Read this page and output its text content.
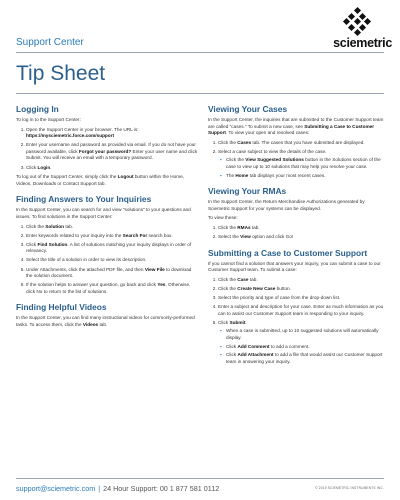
Support Center	sciemetric
Tip Sheet
Logging In

To log in to the Support Center:

1. Open the Support Center in your browser. The URL is: https://mysciemetric.force.com/support
2. Enter your username and password as provided via email. If you do not have your password available, click Forgot your password? Enter your user name and click Submit. You will receive an email with a temporary password.
3. Click Login.

To log out of the Support Center, simply click the Logout button within the Home, Videos, Downloads or Contact Support tab.

Finding Answers to Your Inquiries

In the Support Center, you can search for and view "solutions" to your questions and issues. To find solutions in the Support Center:

1. Click the Solution tab.
2. Enter keywords related to your inquiry into the Search For search box.
3. Click Find Solution. A list of solutions matching your inquiry displays in order of relevancy.
4. Select the title of a solution in order to view its description.
5. Under Attachments, click the attached PDF file, and then View File to download the solution document.
6. If the solution helps to answer your question, go back and click Yes. Otherwise, click No to return to the list of solutions.
Finding Helpful Videos

In the Support Center, you can find many instructional videos for commonly-performed tasks. To access them, click the Videos tab.

Viewing Your Cases

In the Support Center, the inquiries that are submitted to the Customer Support team are called "cases." To submit a new case, see Submitting a Case to Customer Support. To view your open and resolved cases:

1. Click the Cases tab. The cases that you have submitted are displayed.
2. Select a case subject to view the details of the case.
▪ Click the View Suggested Solutions button in the Solutions section of the case to view up to 10 solutions that may help you resolve your case.
▪ The Home tab displays your most recent cases.
Viewing Your RMAs

In the Support Center, the Return Merchandise Authorizations generated by Sciemetric Support for your systems can be displayed.

To view these:

1. Click the RMAs tab.
2. Select the View option and click Go!
Submitting a Case to Customer Support

If you cannot find a solution that answers your inquiry, you can submit a case to our Customer Support team. To submit a case:

1. Click the Case tab.
2. Click the Create New Case button.
3. Select the priority and type of case from the drop-down list.
4. Enter a subject and description for your case. Enter as much information as you can to assist our Customer Support team in responding to your inquiry.
5. Click Submit.
▪ When a case is submitted, up to 10 suggested solutions will automatically display.
▪ Click Add Comment to add a comment.
▪ Click Add Attachment to add a file that would assist our Customer Support team in answering your inquiry.
support@sciemetric.com | 24 Hour Support: 00 1 877 581 0112	© 2019 SCIEMETRIC INSTRUMENTS INC.
